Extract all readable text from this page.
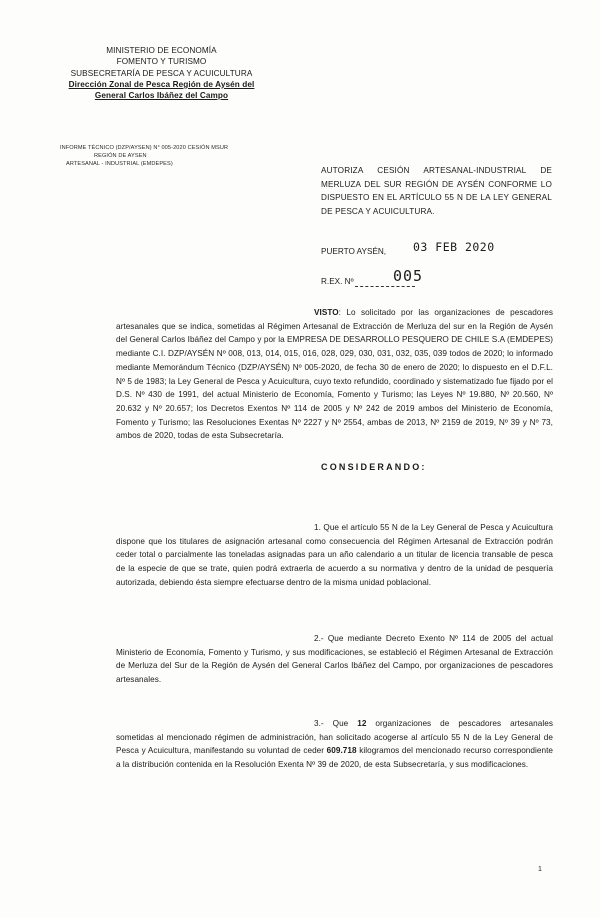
MINISTERIO DE ECONOMÍA
FOMENTO Y TURISMO
SUBSECRETARÍA DE PESCA Y ACUICULTURA
Dirección Zonal de Pesca Región de Aysén del
General Carlos Ibáñez del Campo
INFORME TÉCNICO (DZP/AYSEN) N° 005-2020 CESIÓN MSUR
REGIÓN DE AYSEN
ARTESANAL - INDUSTRIAL (EMDEPES)
AUTORIZA CESIÓN ARTESANAL-INDUSTRIAL DE MERLUZA DEL SUR REGIÓN DE AYSÉN CONFORME LO DISPUESTO EN EL ARTÍCULO 55 N DE LA LEY GENERAL DE PESCA Y ACUICULTURA.
PUERTO AYSÉN, 03 FEB 2020
R.EX. Nº	005
VISTO: Lo solicitado por las organizaciones de pescadores artesanales que se indica, sometidas al Régimen Artesanal de Extracción de Merluza del sur en la Región de Aysén del General Carlos Ibáñez del Campo y por la EMPRESA DE DESARROLLO PESQUERO DE CHILE S.A (EMDEPES) mediante C.I. DZP/AYSÉN Nº 008, 013, 014, 015, 016, 028, 029, 030, 031, 032, 035, 039 todos de 2020; lo informado mediante Memorándum Técnico (DZP/AYSÉN) Nº 005-2020, de fecha 30 de enero de 2020; lo dispuesto en el D.F.L. Nº 5 de 1983; la Ley General de Pesca y Acuicultura, cuyo texto refundido, coordinado y sistematizado fue fijado por el D.S. Nº 430 de 1991, del actual Ministerio de Economía, Fomento y Turismo; las Leyes Nº 19.880, Nº 20.560, Nº 20.632 y Nº 20.657; los Decretos Exentos Nº 114 de 2005 y Nº 242 de 2019 ambos del Ministerio de Economía, Fomento y Turismo; las Resoluciones Exentas Nº 2227 y Nº 2554, ambas de 2013, Nº 2159 de 2019, Nº 39 y Nº 73, ambos de 2020, todas de esta Subsecretaría.
CONSIDERANDO:
1. Que el artículo 55 N de la Ley General de Pesca y Acuicultura dispone que los titulares de asignación artesanal como consecuencia del Régimen Artesanal de Extracción podrán ceder total o parcialmente las toneladas asignadas para un año calendario a un titular de licencia transable de pesca de la especie de que se trate, quien podrá extraerla de acuerdo a su normativa y dentro de la unidad de pesquería autorizada, debiendo ésta siempre efectuarse dentro de la misma unidad poblacional.
2.- Que mediante Decreto Exento Nº 114 de 2005 del actual Ministerio de Economía, Fomento y Turismo, y sus modificaciones, se estableció el Régimen Artesanal de Extracción de Merluza del Sur de la Región de Aysén del General Carlos Ibáñez del Campo, por organizaciones de pescadores artesanales.
3.- Que 12 organizaciones de pescadores artesanales sometidas al mencionado régimen de administración, han solicitado acogerse al artículo 55 N de la Ley General de Pesca y Acuicultura, manifestando su voluntad de ceder 609.718 kilogramos del mencionado recurso correspondiente a la distribución contenida en la Resolución Exenta Nº 39 de 2020, de esta Subsecretaría, y sus modificaciones.
1
